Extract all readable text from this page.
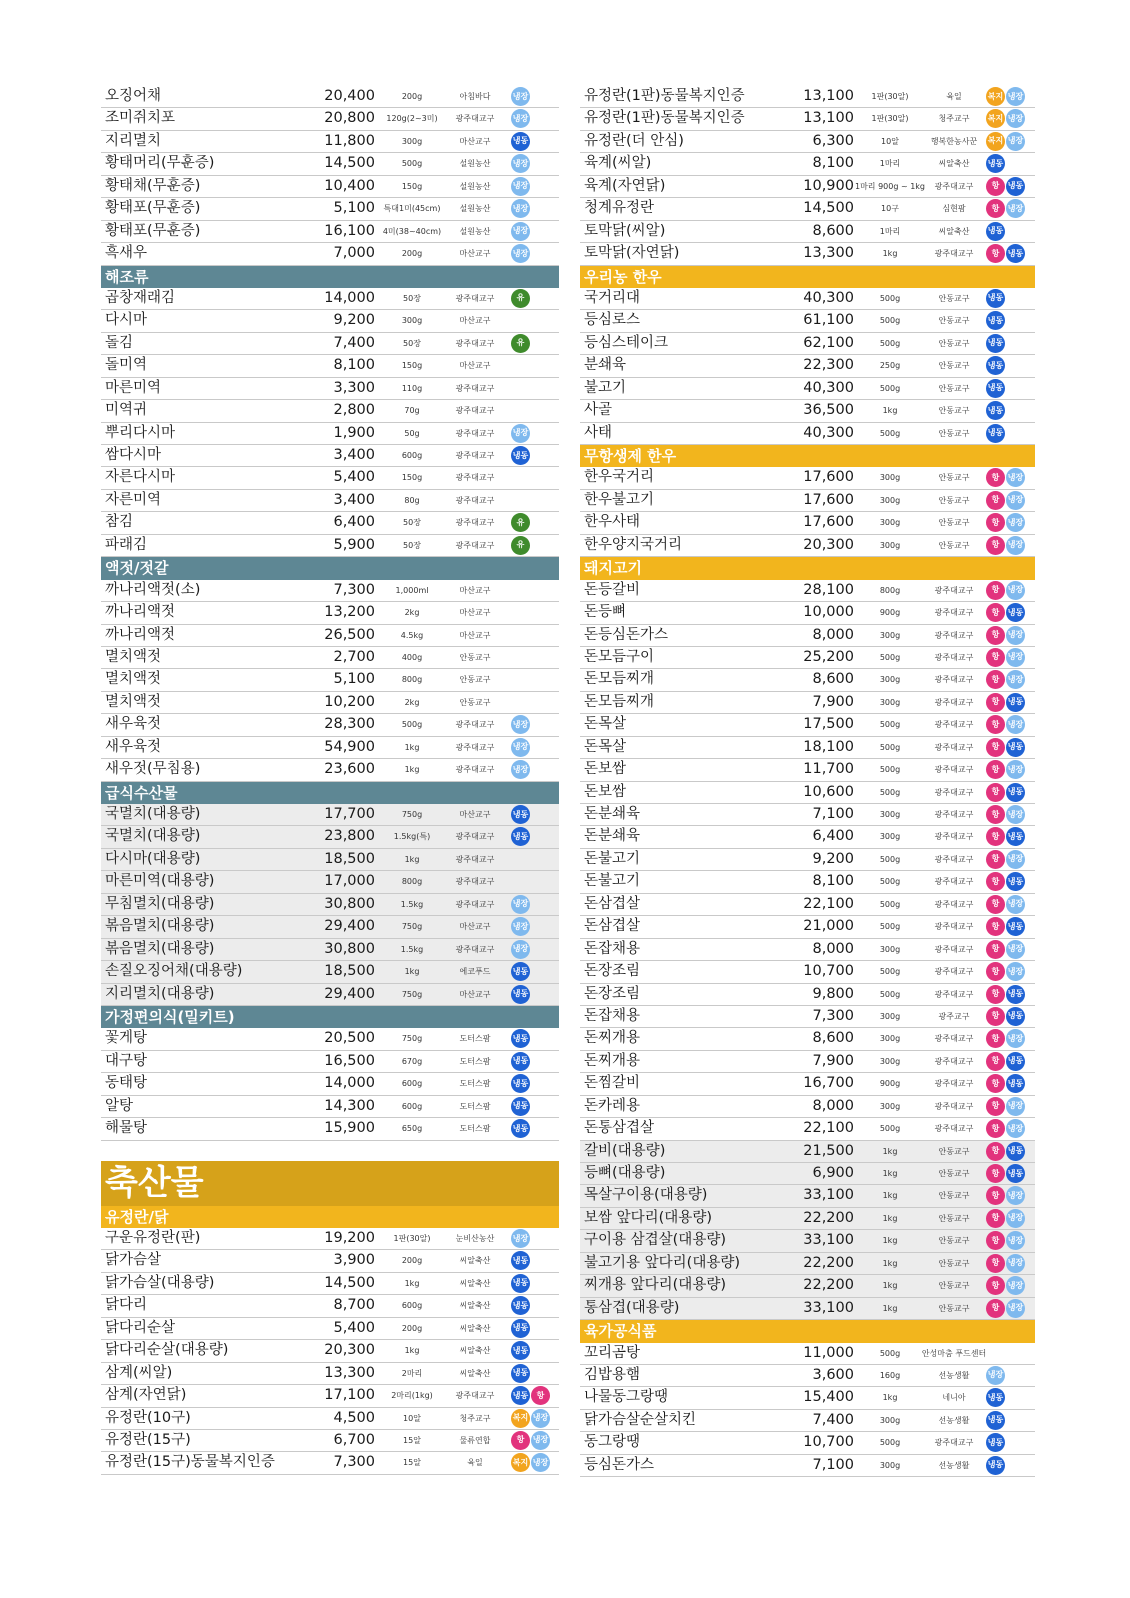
오징어채	20,400	200g	아침바다	냉장
조미쥐치포	20,800 120g(2~3미) 광주대교구 냉장
지리멸치	11,800	300g	마산교구	냉동
황태머리(무훈증)	14,500	500g	설원농산	냉장
황태채(무훈증)	10,400	150g	설원농산	냉장
황태포(무훈증)	5,100 특대1미(45cm) 설원농산	냉장
황태포(무훈증)	16,100 4미(38~40cm) 설원농산	냉장
흑새우	7,000	200g	마산교구	냉장
해조류
곱창재래김	14,000	50장	광주대교구	유
다시마	9,200	300g	마산교구
돌김	7,400	50장	광주대교구	유
돌미역	8,100	150g	마산교구
마른미역	3,300	110g	광주대교구
미역귀	2,800	70g	광주대교구
뿌리다시마	1,900	50g	광주대교구 냉장
쌈다시마	3,400	600g	광주대교구 냉동
자른다시마	5,400	150g	광주대교구
자른미역	3,400	80g	광주대교구
참김	6,400	50장	광주대교구	유
파래김	5,900	50장	광주대교구	유
액젓/젓갈
까나리액젓(소)	7,300	1,000ml	마산교구
까나리액젓	13,200	2kg	마산교구
까나리액젓	26,500	4.5kg	마산교구
멸치액젓	2,700	400g	안동교구
멸치액젓	5,100	800g	안동교구
멸치액젓	10,200	2kg	안동교구
새우육젓	28,300	500g	광주대교구 냉장
새우육젓	54,900	1kg	광주대교구 냉장
새우젓(무침용)	23,600	1kg	광주대교구 냉장
급식수산물
국멸치(대용량)	17,700	750g	마산교구	냉동
국멸치(대용량)	23,800 1.5kg(특)	광주대교구 냉동
다시마(대용량)	18,500	1kg	광주대교구
마른미역(대용량)	17,000	800g	광주대교구
무침멸치(대용량)	30,800	1.5kg	광주대교구 냉장
볶음멸치(대용량)	29,400	750g	마산교구	냉장
볶음멸치(대용량)	30,800	1.5kg	광주대교구 냉장
손질오징어채(대용량)	18,500	1kg	에코푸드	냉동
지리멸치(대용량)	29,400	750g	마산교구	냉동
가정편의식(밀키트)
꽃게탕	20,500	750g	도터스팜	냉동
대구탕	16,500	670g	도터스팜	냉동
동태탕	14,000	600g	도터스팜	냉동
알탕	14,300	600g	도터스팜	냉동
해물탕	15,900	650g	도터스팜	냉동
축산물
유정란/닭
구운유정란(판)	19,200 1판(30알)	눈비산농산 냉장
닭가슴살	3,900	200g	씨알축산	냉동
닭가슴살(대용량)	14,500	1kg	씨알축산	냉동
닭다리	8,700	600g	씨알축산	냉동
닭다리순살	5,400	200g	씨알축산	냉동
닭다리순살(대용량)	20,300	1kg	씨알축산	냉동
삼계(씨알)	13,300	2마리	씨알축산	냉동
삼계(자연닭)	17,100 2마리(1kg)	광주대교구 냉동	항
유정란(10구)	4,500	10알	청주교구	복지 냉장
유정란(15구)	6,700	15알	물류연합	항	냉장
유정란(15구)동물복지인증	7,300	15알	육일	복지 냉장
유정란(1판)동물복지인증	13,100 1판(30알)	육일	복지 냉장
유정란(1판)동물복지인증	13,100 1판(30알)	청주교구 복지 냉장
유정란(더 안심)	6,300	10알	행복한농사꾼 복지 냉장
육계(씨알)	8,100	1마리	씨알축산 냉동
육계(자연닭)	10,900 1마리 900g ~ 1kg 광주대교구	항	냉동
청계유정란	14,500	10구	심현팜	항	냉장
토막닭(씨알)	8,600	1마리	씨알축산 냉동
토막닭(자연닭)	13,300	1kg	광주대교구	항	냉동
우리농 한우
국거리대	40,300	500g	안동교구 냉동
등심로스	61,100	500g	안동교구 냉동
등심스테이크	62,100	500g	안동교구 냉동
분쇄육	22,300	250g	안동교구 냉동
불고기	40,300	500g	안동교구 냉동
사골	36,500	1kg	안동교구 냉동
사태	40,300	500g	안동교구 냉동
무항생제 한우
한우국거리	17,600	300g	안동교구	항	냉장
한우불고기	17,600	300g	안동교구	항	냉장
한우사태	17,600	300g	안동교구	항	냉장
한우양지국거리	20,300	300g	안동교구	항	냉장
돼지고기
돈등갈비	28,100	800g	광주대교구	항	냉장
돈등뼈	10,000	900g	광주대교구	항	냉동
돈등심돈가스	8,000	300g	광주대교구	항	냉장
돈모듬구이	25,200	500g	광주대교구	항	냉장
돈모듬찌개	8,600	300g	광주대교구	항	냉장
돈모듬찌개	7,900	300g	광주대교구	항	냉동
돈목살	17,500	500g	광주대교구	항	냉장
돈목살	18,100	500g	광주대교구	항	냉동
돈보쌈	11,700	500g	광주대교구	항	냉장
돈보쌈	10,600	500g	광주대교구	항	냉동
돈분쇄육	7,100	300g	광주대교구	항	냉장
돈분쇄육	6,400	300g	광주대교구	항	냉동
돈불고기	9,200	500g	광주대교구	항	냉장
돈불고기	8,100	500g	광주대교구	항	냉동
돈삼겹살	22,100	500g	광주대교구	항	냉장
돈삼겹살	21,000	500g	광주대교구	항	냉동
돈잡채용	8,000	300g	광주대교구	항	냉장
돈장조림	10,700	500g	광주대교구	항	냉장
돈장조림	9,800	500g	광주대교구	항	냉동
돈잡채용	7,300	300g	광주교구	항	냉동
돈찌개용	8,600	300g	광주대교구	항	냉장
돈찌개용	7,900	300g	광주대교구	항	냉동
돈찜갈비	16,700	900g	광주대교구	항	냉동
돈카레용	8,000	300g	광주대교구	항	냉장
돈통삼겹살	22,100	500g	광주대교구	항	냉장
갈비(대용량)	21,500	1kg	안동교구	항	냉동
등뼈(대용량)	6,900	1kg	안동교구	항	냉동
목살구이용(대용량)	33,100	1kg	안동교구	항	냉장
보쌈 앞다리(대용량)	22,200	1kg	안동교구	항	냉장
구이용 삼겹살(대용량)	33,100	1kg	안동교구	항	냉장
불고기용 앞다리(대용량)	22,200	1kg	안동교구	항	냉장
찌개용 앞다리(대용량)	22,200	1kg	안동교구	항	냉장
통삼겹(대용량)	33,100	1kg	안동교구	항	냉장
육가공식품
꼬리곰탕	11,000	500g	안성마춤 푸드센터
김밥용햄	3,600	160g	선농생활 냉장
나물동그랑땡	15,400	1kg	네니아	냉동
닭가슴살순살치킨	7,400	300g	선농생활 냉동
동그랑땡	10,700	500g	광주대교구 냉동
등심돈가스	7,100	300g	선농생활 냉동
